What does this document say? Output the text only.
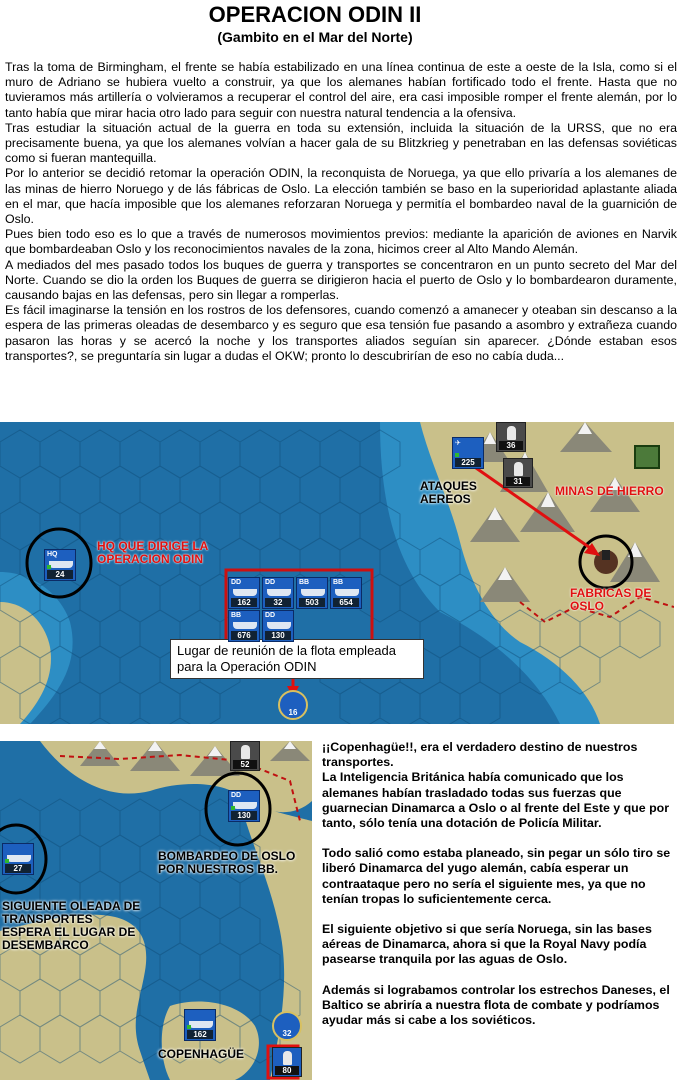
OPERACION ODIN II
(Gambito en el Mar del Norte)

Tras la toma de Birmingham, el frente se había estabilizado en una línea continua de este a oeste de la Isla, como si el muro de Adriano se hubiera vuelto a construir, ya que los alemanes habían fortificado todo el frente. Hasta que no tuvieramos más artillería o volvieramos a recuperar el control del aire, era casi imposible romper el frente alemán, por lo tanto había que mirar hacia otro lado para seguir con nuestra natural tendencia a la ofensiva.

Tras estudiar la situación actual de la guerra en toda su extensión, incluida la situación de la URSS, que no era precisamente buena, ya que los alemanes volvían a hacer gala de su Blitzkrieg y penetraban en las defensas soviéticas como si fueran mantequilla.

Por lo anterior se decidió retomar la operación ODIN, la reconquista de Noruega, ya que ello privaría a los alemanes de las minas de hierro Noruego y de lás fábricas de Oslo. La elección también se baso en la superioridad aplastante aliada en el mar, que hacía imposible que los alemanes reforzaran Noruega y permitía el bombardeo naval de la guarnición de Oslo.

Pues bien todo eso es lo que a través de numerosos movimientos previos: mediante la aparición de aviones en Narvik que bombardeaban Oslo y los reconocimientos navales de la zona, hicimos creer al Alto Mando Alemán.

A mediados del mes pasado todos los buques de guerra y transportes se concentraron en un punto secreto del Mar del Norte. Cuando se dio la orden los Buques de guerra se dirigieron hacia el puerto de Oslo y lo bombardearon duramente, causando bajas en las defensas, pero sin llegar a romperlas.

Es fácil imaginarse la tensión en los rostros de los defensores, cuando comenzó a amanecer y oteaban sin descanso a la espera de las primeras oleadas de desembarco y es seguro que esa tensión fue pasando a asombro y extrañeza cuando pasaron las horas y se acercó la noche y los transportes aliados seguían sin aparecer. ¿Dónde estaban esos transportes?, se preguntaría sin lugar a dudas el OKW; pronto lo descubrirían de eso no cabía duda...

HQ QUE DIRIGE LA OPERACION ODIN
ATAQUES AEREOS
MINAS DE HIERRO
FABRICAS DE OSLO
Lugar de reunión de la flota empleada para la Operación ODIN
HQ
24
✈
225
36
31
DD
162
DD
32
BB
503
BB
654
BB
676
DD
130
16
BOMBARDEO DE OSLO POR NUESTROS BB.
SIGUIENTE OLEADA DE TRANSPORTES ESPERA EL LUGAR DE DESEMBARCO
COPENHAGÜE
52
DD
130
27
162	32
80

¡¡Copenhagüe!!, era el verdadero destino de nuestros transportes.
La Inteligencia Británica había comunicado que los alemanes habían trasladado todas sus fuerzas que guarnecian Dinamarca a Oslo o al frente del Este y que por tanto, sólo tenía una dotación de Policía Militar.

Todo salió como estaba planeado, sin pegar un sólo tiro se liberó Dinamarca del yugo alemán, cabía esperar un contraataque pero no sería el siguiente mes, ya que no tenían tropas lo suficientemente cerca.

El siguiente objetivo si que sería Noruega, sin las bases aéreas de Dinamarca, ahora si que la Royal Navy podía pasearse tranquila por las aguas de Oslo.

Además si lograbamos controlar los estrechos Daneses, el Baltico se abriría a nuestra flota de combate y podríamos ayudar más si cabe a los soviéticos.
